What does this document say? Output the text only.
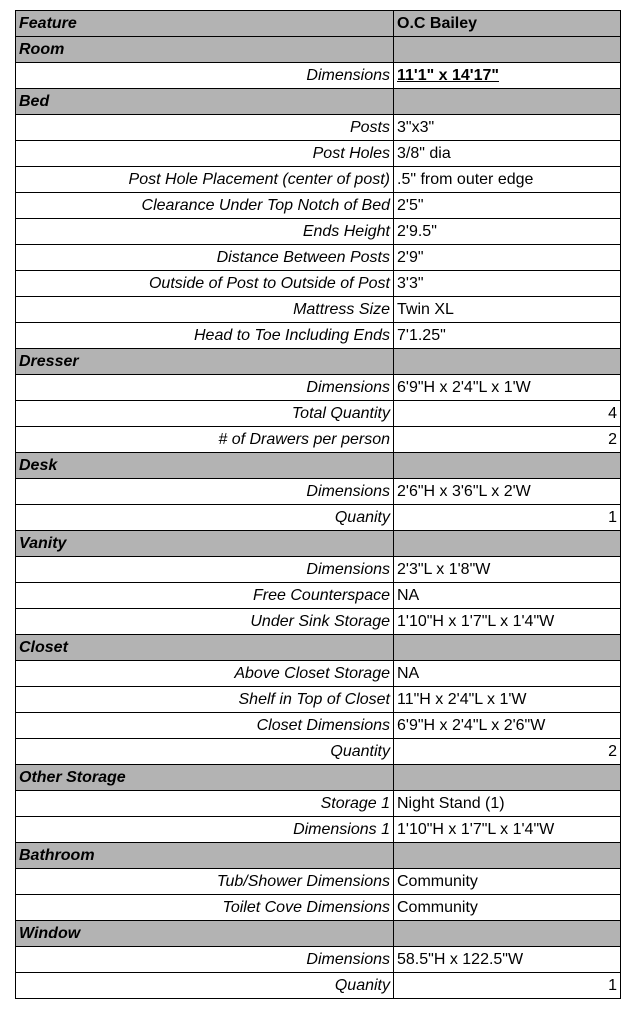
Feature	O.C Bailey
Room	
Dimensions	11'1" x 14'17"
Bed	
Posts	3"x3"
Post Holes	3/8" dia
Post Hole Placement (center of post)	.5" from outer edge
Clearance Under Top Notch of Bed	2'5"
Ends Height	2'9.5"
Distance Between Posts	2'9"
Outside of Post to Outside of Post	3'3"
Mattress Size	Twin XL
Head to Toe Including Ends	7'1.25"
Dresser	
Dimensions	6'9"H x 2'4"L x 1'W
Total Quantity	4
# of Drawers per person	2
Desk	
Dimensions	2'6"H x 3'6"L x 2'W
Quanity	1
Vanity	
Dimensions	2'3"L x 1'8"W
Free Counterspace	NA
Under Sink Storage	1'10"H x 1'7"L x 1'4"W
Closet	
Above Closet Storage	NA
Shelf in Top of Closet	11"H x 2'4"L x 1'W
Closet Dimensions	6'9"H x 2'4"L x 2'6"W
Quantity	2
Other Storage	
Storage 1	Night Stand (1)
Dimensions 1	1'10"H x 1'7"L x 1'4"W
Bathroom	
Tub/Shower Dimensions	Community
Toilet Cove Dimensions	Community
Window	
Dimensions	58.5"H x 122.5"W
Quanity	1
